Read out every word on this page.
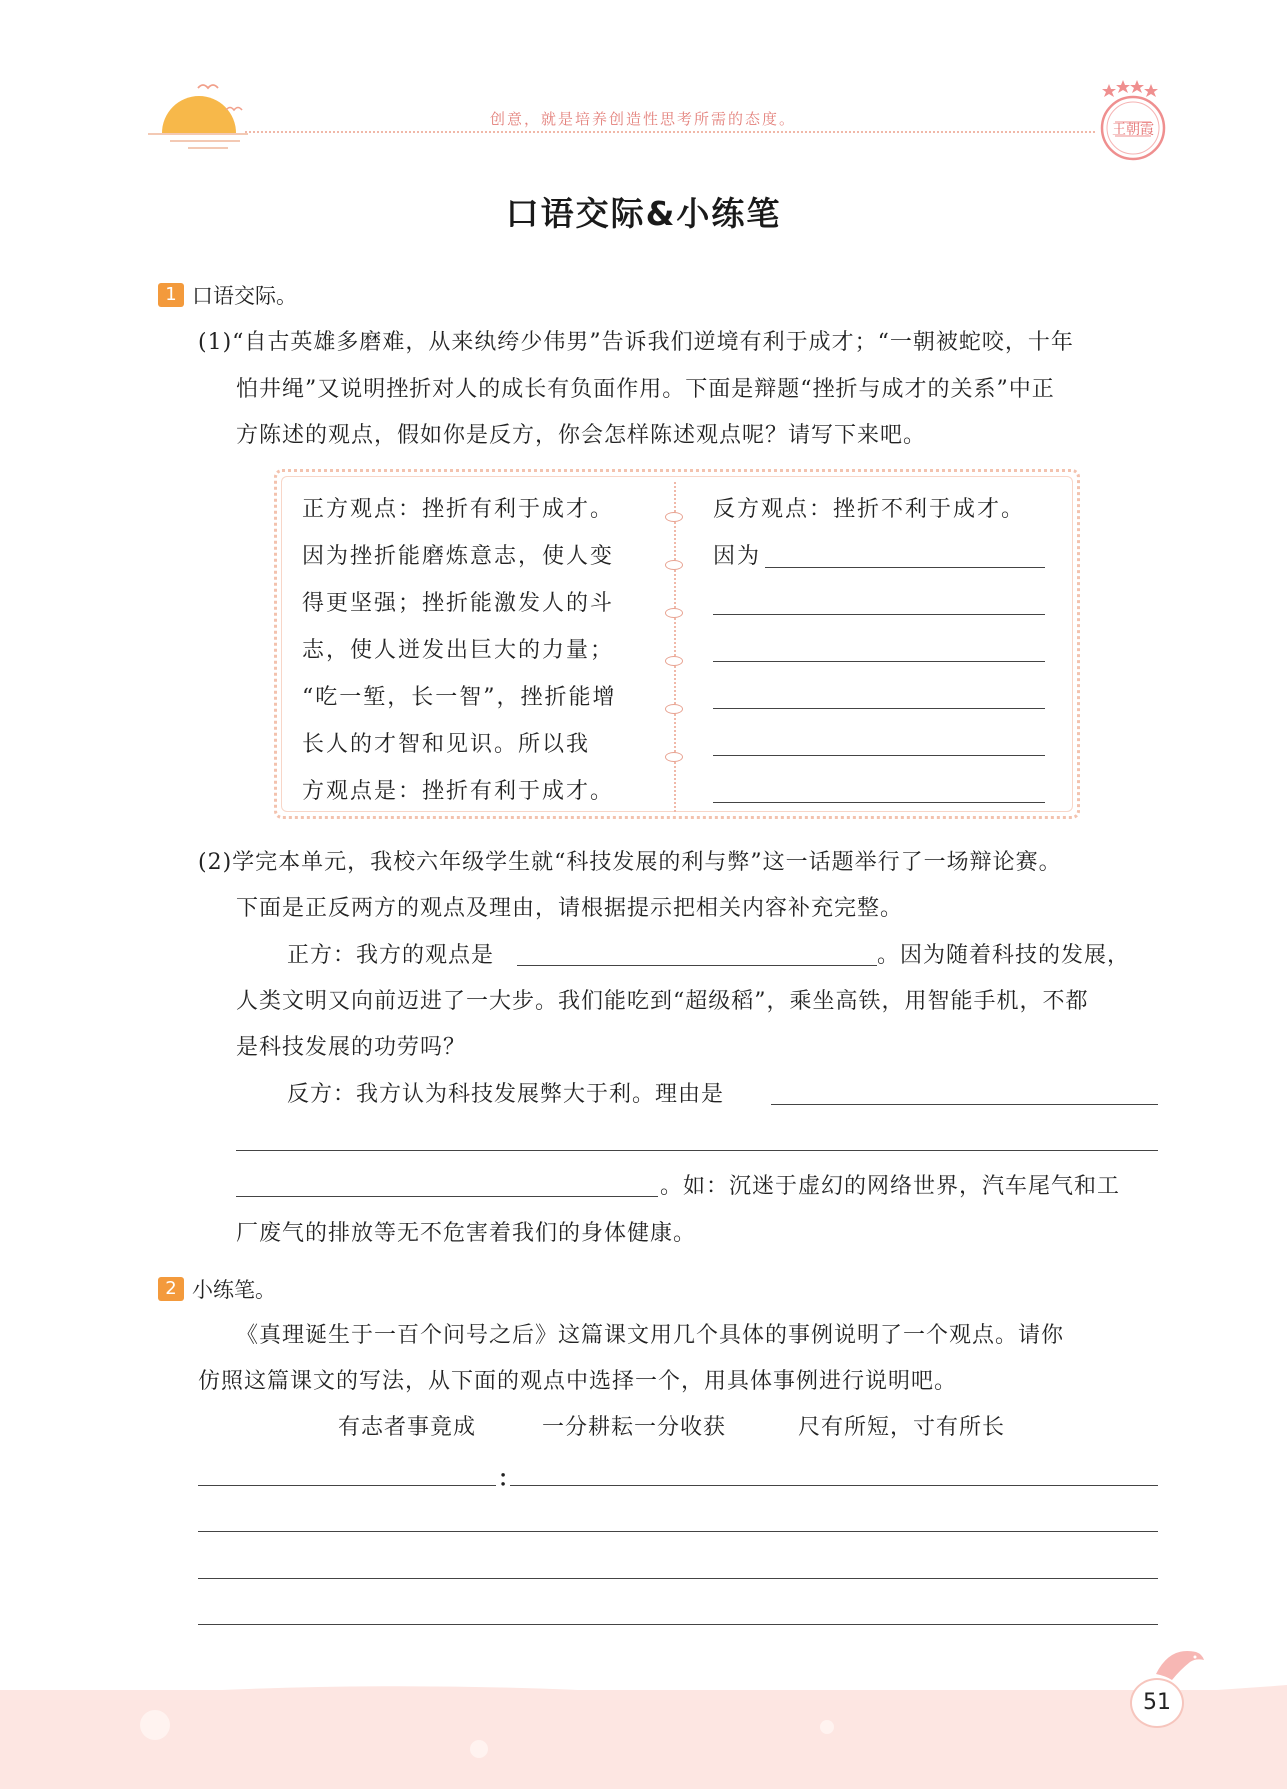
创意，就是培养创造性思考所需的态度。
王朝霞
口语交际&小练笔
1 口语交际。
(1)“自古英雄多磨难，从来纨绔少伟男”告诉我们逆境有利于成才；“一朝被蛇咬，十年
怕井绳”又说明挫折对人的成长有负面作用。下面是辩题“挫折与成才的关系”中正
方陈述的观点，假如你是反方，你会怎样陈述观点呢？请写下来吧。
正方观点：挫折有利于成才。
因为挫折能磨炼意志，使人变
得更坚强；挫折能激发人的斗
志，使人迸发出巨大的力量；
“吃一堑，长一智”，挫折能增
长人的才智和见识。所以我
方观点是：挫折有利于成才。
反方观点：挫折不利于成才。
因为
(2)学完本单元，我校六年级学生就“科技发展的利与弊”这一话题举行了一场辩论赛。
下面是正反两方的观点及理由，请根据提示把相关内容补充完整。
正方：我方的观点是	。因为随着科技的发展，
人类文明又向前迈进了一大步。我们能吃到“超级稻”，乘坐高铁，用智能手机，不都
是科技发展的功劳吗？
反方：我方认为科技发展弊大于利。理由是
。如：沉迷于虚幻的网络世界，汽车尾气和工
厂废气的排放等无不危害着我们的身体健康。
2 小练笔。
《真理诞生于一百个问号之后》这篇课文用几个具体的事例说明了一个观点。请你
仿照这篇课文的写法，从下面的观点中选择一个，用具体事例进行说明吧。
有志者事竟成	一分耕耘一分收获	尺有所短，寸有所长
：
51
